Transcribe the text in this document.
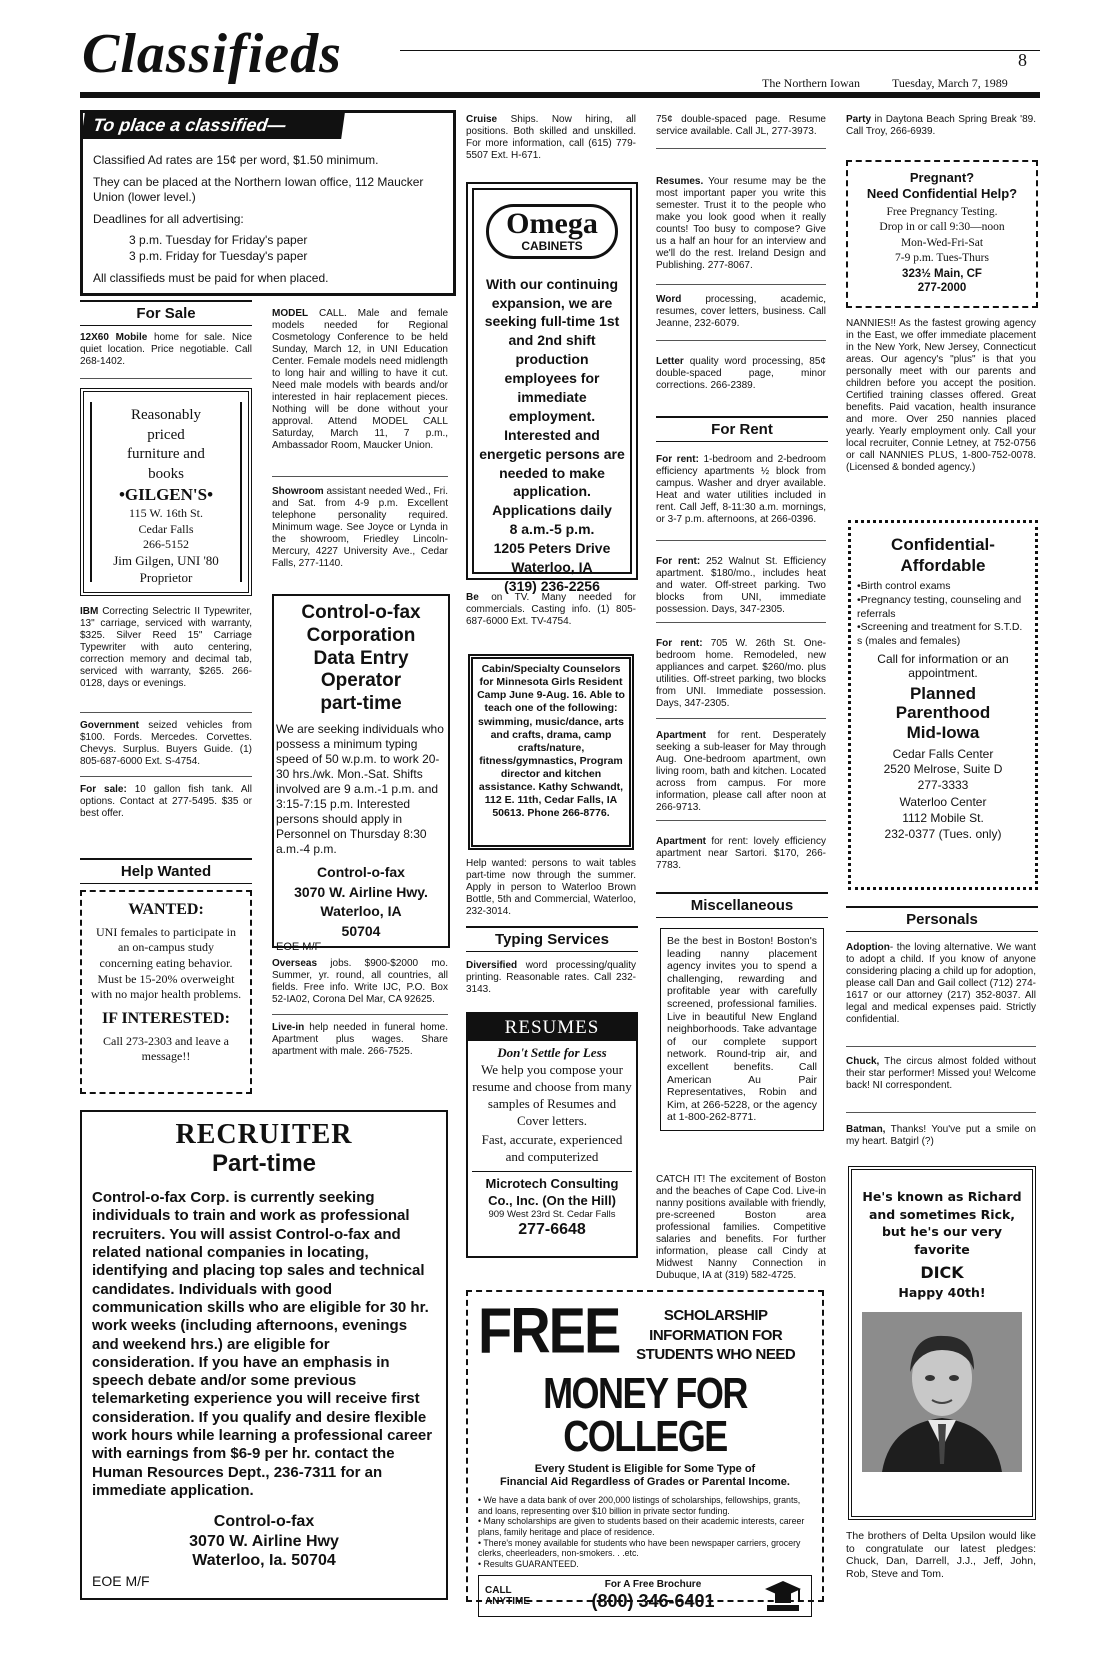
Classifieds	8
The Northern Iowan	Tuesday, March 7, 1989
To place a classified—
Classified Ad rates are 15¢ per word, $1.50 minimum.
They can be placed at the Northern Iowan office, 112 Maucker Union (lower level.)
Deadlines for all advertising:
3 p.m. Tuesday for Friday's paper
3 p.m. Friday for Tuesday's paper
All classifieds must be paid for when placed.
For Sale
12X60 Mobile home for sale. Nice quiet location. Price negotiable. Call 268-1402.
Reasonably
priced
furniture and
books
•GILGEN'S•
115 W. 16th St.
Cedar Falls
266-5152
Jim Gilgen, UNI '80
Proprietor
IBM Correcting Selectric II Typewriter, 13" carriage, serviced with warranty, $325. Silver Reed 15" Carriage Typewriter with auto centering, correction memory and decimal tab, serviced with warranty, $265. 266-0128, days or evenings.
Government seized vehicles from $100. Fords. Mercedes. Corvettes. Chevys. Surplus. Buyers Guide. (1) 805-687-6000 Ext. S-4754.
For sale: 10 gallon fish tank. All options. Contact at 277-5495. $35 or best offer.
Help Wanted
WANTED:
UNI females to participate in an on-campus study concerning eating behavior. Must be 15-20% overweight with no major health problems.
IF INTERESTED:
Call 273-2303 and leave a message!!
RECRUITER
Part-time
Control-o-fax Corp. is currently seeking individuals to train and work as professional recruiters. You will assist Control-o-fax and related national companies in locating, identifying and placing top sales and technical candidates. Individuals with good communication skills who are eligible for 30 hr. work weeks (including afternoons, evenings and weekend hrs.) are eligible for consideration. If you have an emphasis in speech debate and/or some previous telemarketing experience you will receive first consideration. If you qualify and desire flexible work hours while learning a professional career with earnings from $6-9 per hr. contact the Human Resources Dept., 236-7311 for an immediate application.
Control-o-fax
3070 W. Airline Hwy
Waterloo, Ia. 50704
EOE M/F
MODEL CALL. Male and female models needed for Regional Cosmetology Conference to be held Sunday, March 12, in UNI Education Center. Female models need midlength to long hair and willing to have it cut. Need male models with beards and/or interested in hair replacement pieces. Nothing will be done without your approval. Attend MODEL CALL Saturday, March 11, 7 p.m., Ambassador Room, Maucker Union.
Showroom assistant needed Wed., Fri. and Sat. from 4-9 p.m. Excellent telephone personality required. Minimum wage. See Joyce or Lynda in the showroom, Friedley Lincoln-Mercury, 4227 University Ave., Cedar Falls, 277-1140.
Control-o-fax
Corporation
Data Entry
Operator
part-time
We are seeking individuals who possess a minimum typing speed of 50 w.p.m. to work 20-30 hrs./wk. Mon.-Sat. Shifts involved are 9 a.m.-1 p.m. and 3:15-7:15 p.m. Interested persons should apply in Personnel on Thursday 8:30 a.m.-4 p.m.
Control-o-fax
3070 W. Airline Hwy.
Waterloo, IA
50704
EOE M/F
Overseas jobs. $900-$2000 mo. Summer, yr. round, all countries, all fields. Free info. Write IJC, P.O. Box 52-IA02, Corona Del Mar, CA 92625.
Live-in help needed in funeral home. Apartment plus wages. Share apartment with male. 266-7525.
Cruise Ships. Now hiring, all positions. Both skilled and unskilled. For more information, call (615) 779-5507 Ext. H-671.
Omega
CABINETS
With our continuing expansion, we are seeking full-time 1st and 2nd shift production employees for immediate employment. Interested and energetic persons are needed to make application. Applications daily
8 a.m.-5 p.m.
1205 Peters Drive
Waterloo, IA
(319) 236-2256
Be on TV. Many needed for commercials. Casting info. (1) 805-687-6000 Ext. TV-4754.
Cabin/Specialty Counselors for Minnesota Girls Resident Camp June 9-Aug. 16. Able to teach one of the following: swimming, music/dance, arts and crafts, drama, camp crafts/nature, fitness/gymnastics, Program director and kitchen assistance. Kathy Schwandt, 112 E. 11th, Cedar Falls, IA 50613. Phone 266-8776.
Help wanted: persons to wait tables part-time now through the summer. Apply in person to Waterloo Brown Bottle, 5th and Commercial, Waterloo, 232-3014.
Typing Services
Diversified word processing/quality printing. Reasonable rates. Call 232-3143.
RESUMES
Don't Settle for Less
We help you compose your resume and choose from many samples of Resumes and Cover letters.
Fast, accurate, experienced and computerized
Microtech Consulting Co., Inc. (On the Hill)
909 West 23rd St. Cedar Falls
277-6648
75¢ double-spaced page. Resume service available. Call JL, 277-3973.
Resumes. Your resume may be the most important paper you write this semester. Trust it to the people who make you look good when it really counts! Too busy to compose? Give us a half an hour for an interview and we'll do the rest. Ireland Design and Publishing. 277-8067.
Word processing, academic, resumes, cover letters, business. Call Jeanne, 232-6079.
Letter quality word processing, 85¢ double-spaced page, minor corrections. 266-2389.
For Rent
For rent: 1-bedroom and 2-bedroom efficiency apartments ½ block from campus. Washer and dryer available. Heat and water utilities included in rent. Call Jeff, 8-11:30 a.m. mornings, or 3-7 p.m. afternoons, at 266-0396.
For rent: 252 Walnut St. Efficiency apartment. $180/mo., includes heat and water. Off-street parking. Two blocks from UNI, immediate possession. Days, 347-2305.
For rent: 705 W. 26th St. One-bedroom home. Remodeled, new appliances and carpet. $260/mo. plus utilities. Off-street parking, two blocks from UNI. Immediate possession. Days, 347-2305.
Apartment for rent. Desperately seeking a sub-leaser for May through Aug. One-bedroom apartment, own living room, bath and kitchen. Located across from campus. For more information, please call after noon at 266-9713.
Apartment for rent: lovely efficiency apartment near Sartori. $170, 266-7783.
Miscellaneous
Be the best in Boston! Boston's leading nanny placement agency invites you to spend a challenging, rewarding and profitable year with carefully screened, professional families. Live in beautiful New England neighborhoods. Take advantage of our complete support network. Round-trip air, and excellent benefits. Call American Au Pair Representatives, Robin and Kim, at 266-5228, or the agency at 1-800-262-8771.
CATCH IT! The excitement of Boston and the beaches of Cape Cod. Live-in nanny positions available with friendly, pre-screened Boston area professional families. Competitive salaries and benefits. For further information, please call Cindy at Midwest Nanny Connection in Dubuque, IA at (319) 582-4725.
Party in Daytona Beach Spring Break '89. Call Troy, 266-6939.
Pregnant?
Need Confidential Help?
Free Pregnancy Testing.
Drop in or call 9:30—noon
Mon-Wed-Fri-Sat
7-9 p.m. Tues-Thurs
323½ Main, CF
277-2000
NANNIES!! As the fastest growing agency in the East, we offer immediate placement in the New York, New Jersey, Connecticut areas. Our agency's "plus" is that you personally meet with our parents and children before you accept the position. Certified training classes offered. Great benefits. Paid vacation, health insurance and more. Over 250 nannies placed yearly. Yearly employment only. Call your local recruiter, Connie Letney, at 752-0756 or call NANNIES PLUS, 1-800-752-0078. (Licensed & bonded agency.)
Confidential-
Affordable
•Birth control exams
•Pregnancy testing, counseling and referrals
•Screening and treatment for S.T.D. s (males and females)
Call for information or an appointment.
Planned
Parenthood
Mid-Iowa
Cedar Falls Center
2520 Melrose, Suite D
277-3333
Waterloo Center
1112 Mobile St.
232-0377 (Tues. only)
Personals
Adoption- the loving alternative. We want to adopt a child. If you know of anyone considering placing a child up for adoption, please call Dan and Gail collect (712) 274-1617 or our attorney (217) 352-8037. All legal and medical expenses paid. Strictly confidential.
Chuck, The circus almost folded without their star performer! Missed you! Welcome back! NI correspondent.
Batman, Thanks! You've put a smile on my heart. Batgirl (?)
He's known as Richard
and sometimes Rick,
but he's our very favorite
DICK
Happy 40th!
The brothers of Delta Upsilon would like to congratulate our latest pledges: Chuck, Dan, Darrell, J.J., Jeff, John, Rob, Steve and Tom.
FREE	SCHOLARSHIP INFORMATION FOR
STUDENTS WHO NEED
MONEY FOR COLLEGE
Every Student is Eligible for Some Type of
Financial Aid Regardless of Grades or Parental Income.
• We have a data bank of over 200,000 listings of scholarships, fellowships, grants, and loans, representing over $10 billion in private sector funding.
• Many scholarships are given to students based on their academic interests, career plans, family heritage and place of residence.
• There's money available for students who have been newspaper carriers, grocery clerks, cheerleaders, non-smokers. . .etc.
• Results GUARANTEED.
CALL ANYTIME
For A Free Brochure
(800) 346-6401
